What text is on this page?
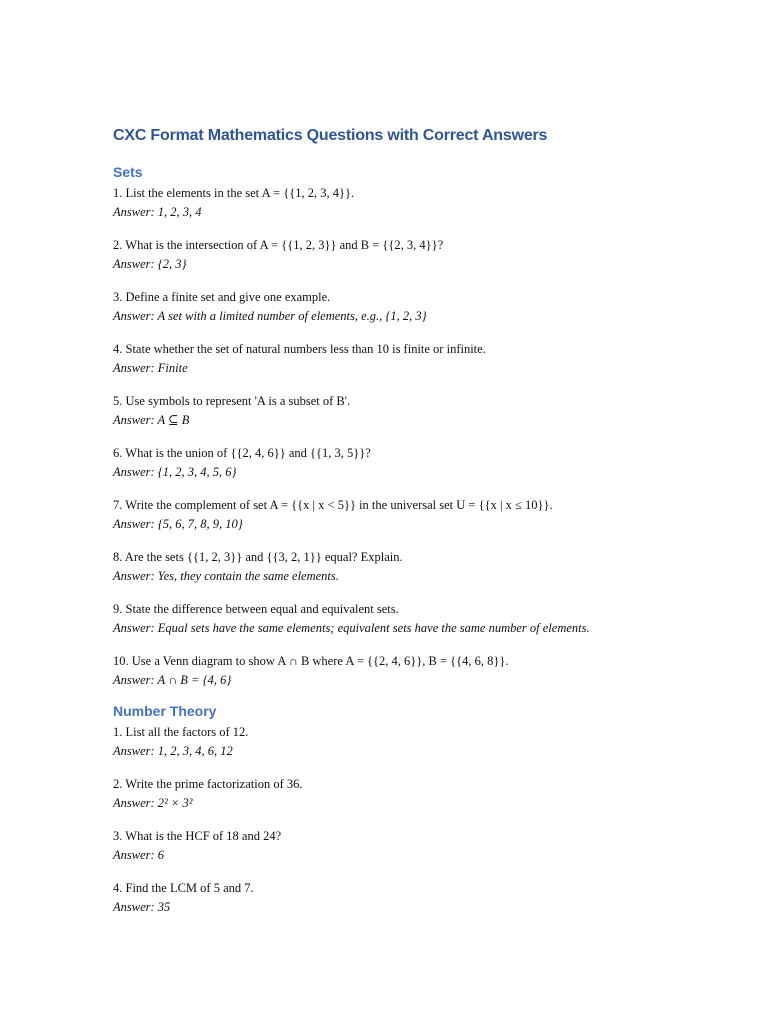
CXC Format Mathematics Questions with Correct Answers
Sets
1. List the elements in the set A = {{1, 2, 3, 4}}.
Answer: 1, 2, 3, 4
2. What is the intersection of A = {{1, 2, 3}} and B = {{2, 3, 4}}?
Answer: {2, 3}
3. Define a finite set and give one example.
Answer: A set with a limited number of elements, e.g., {1, 2, 3}
4. State whether the set of natural numbers less than 10 is finite or infinite.
Answer: Finite
5. Use symbols to represent 'A is a subset of B'.
Answer: A ⊆ B
6. What is the union of {{2, 4, 6}} and {{1, 3, 5}}?
Answer: {1, 2, 3, 4, 5, 6}
7. Write the complement of set A = {{x | x < 5}} in the universal set U = {{x | x ≤ 10}}.
Answer: {5, 6, 7, 8, 9, 10}
8. Are the sets {{1, 2, 3}} and {{3, 2, 1}} equal? Explain.
Answer: Yes, they contain the same elements.
9. State the difference between equal and equivalent sets.
Answer: Equal sets have the same elements; equivalent sets have the same number of elements.
10. Use a Venn diagram to show A ∩ B where A = {{2, 4, 6}}, B = {{4, 6, 8}}.
Answer: A ∩ B = {4, 6}
Number Theory
1. List all the factors of 12.
Answer: 1, 2, 3, 4, 6, 12
2. Write the prime factorization of 36.
Answer: 2² × 3²
3. What is the HCF of 18 and 24?
Answer: 6
4. Find the LCM of 5 and 7.
Answer: 35
